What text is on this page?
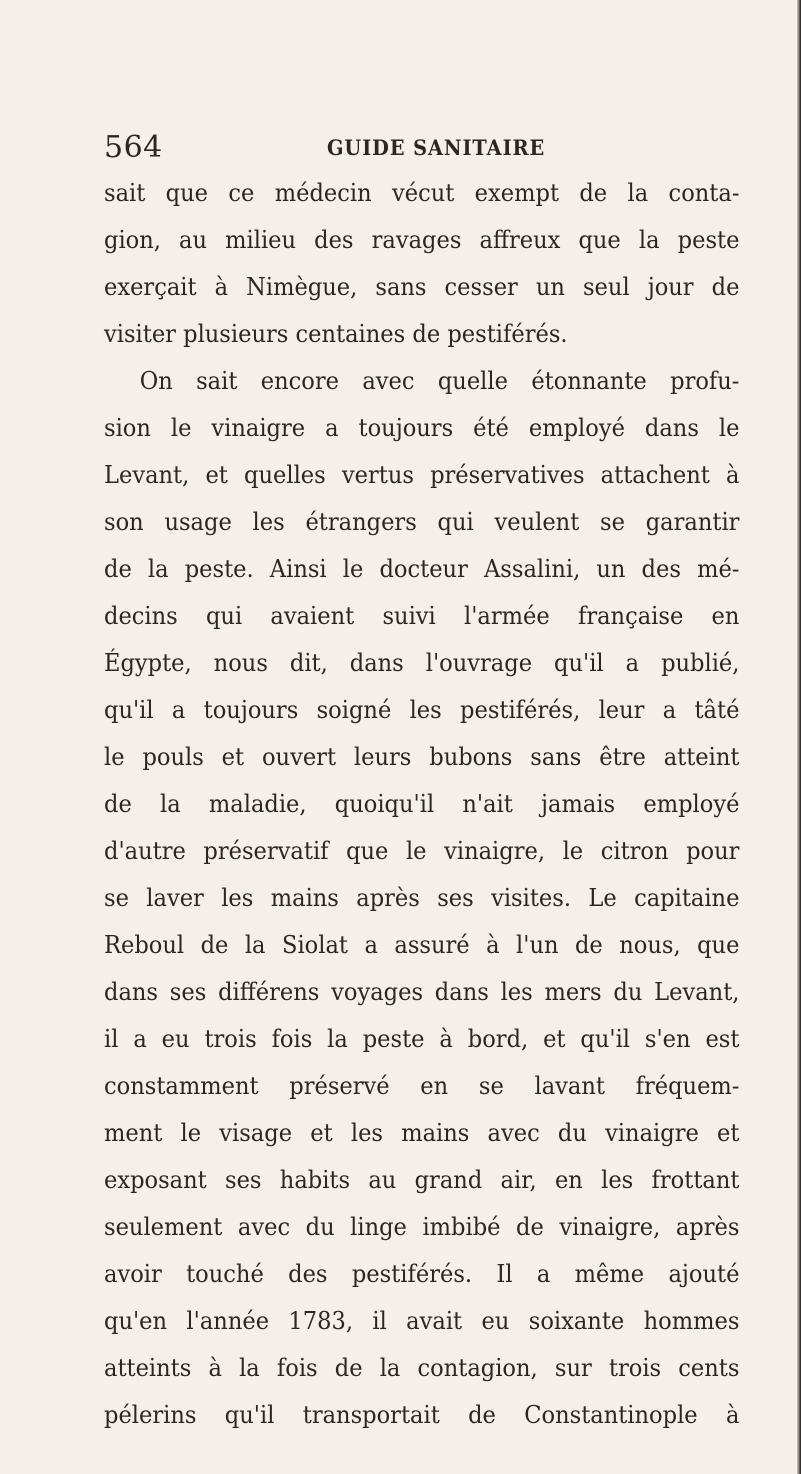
564	GUIDE SANITAIRE
sait que ce médecin vécut exempt de la conta-
gion, au milieu des ravages affreux que la peste
exerçait à Nimègue, sans cesser un seul jour de
visiter plusieurs centaines de pestiférés.
On sait encore avec quelle étonnante profu-
sion le vinaigre a toujours été employé dans le
Levant, et quelles vertus préservatives attachent à
son usage les étrangers qui veulent se garantir
de la peste. Ainsi le docteur Assalini, un des mé-
decins qui avaient suivi l'armée française en
Égypte, nous dit, dans l'ouvrage qu'il a publié,
qu'il a toujours soigné les pestiférés, leur a tâté
le pouls et ouvert leurs bubons sans être atteint
de la maladie, quoiqu'il n'ait jamais employé
d'autre préservatif que le vinaigre, le citron pour
se laver les mains après ses visites. Le capitaine
Reboul de la Siolat a assuré à l'un de nous, que
dans ses différens voyages dans les mers du Levant,
il a eu trois fois la peste à bord, et qu'il s'en est
constamment préservé en se lavant fréquem-
ment le visage et les mains avec du vinaigre et
exposant ses habits au grand air, en les frottant
seulement avec du linge imbibé de vinaigre, après
avoir touché des pestiférés. Il a même ajouté
qu'en l'année 1783, il avait eu soixante hommes
atteints à la fois de la contagion, sur trois cents
pélerins qu'il transportait de Constantinople à
